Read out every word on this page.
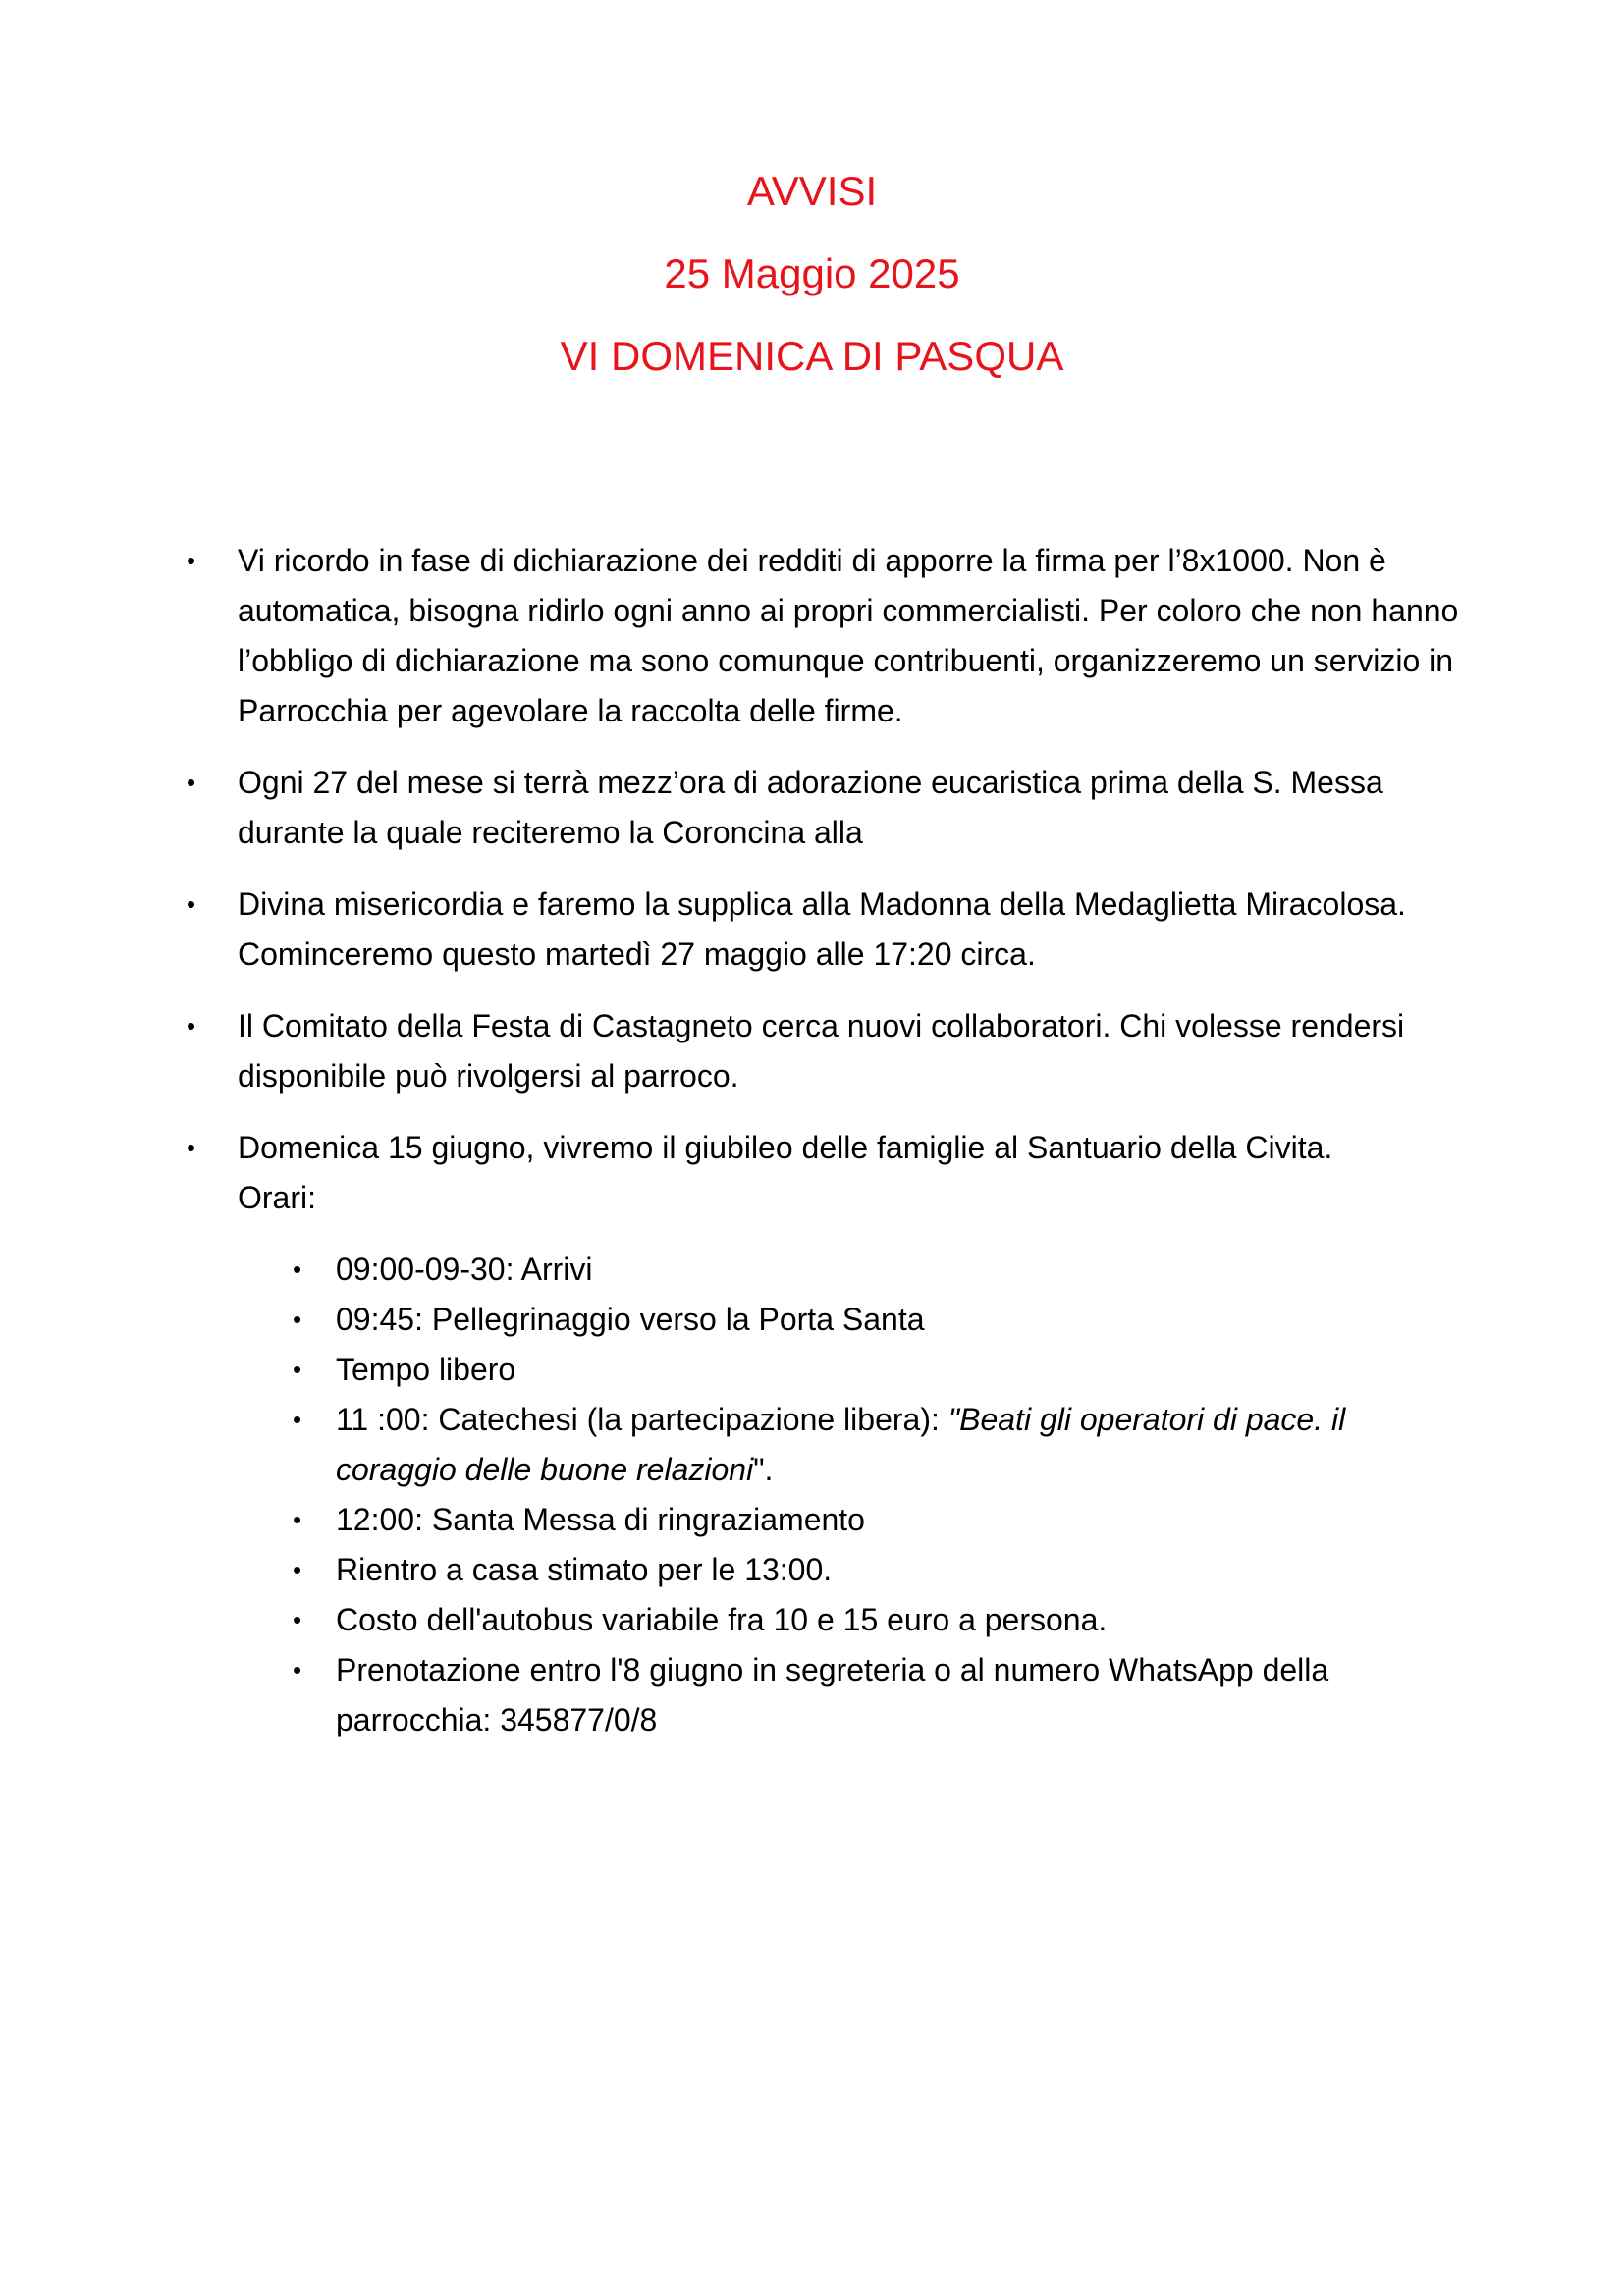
AVVISI
25 Maggio 2025
VI DOMENICA DI PASQUA
• Vi ricordo in fase di dichiarazione dei redditi di apporre la firma per l’8x1000. Non è automatica, bisogna ridirlo ogni anno ai propri commercialisti. Per coloro che non hanno l’obbligo di dichiarazione ma sono comunque contribuenti, organizzeremo un servizio in Parrocchia per agevolare la raccolta delle firme.
• Ogni 27 del mese si terrà mezz’ora di adorazione eucaristica prima della S. Messa durante la quale reciteremo la Coroncina alla
• Divina misericordia e faremo la supplica alla Madonna della Medaglietta Miracolosa. Cominceremo questo martedì 27 maggio alle 17:20 circa.
• Il Comitato della Festa di Castagneto cerca nuovi collaboratori. Chi volesse rendersi disponibile può rivolgersi al parroco.
• Domenica 15 giugno, vivremo il giubileo delle famiglie al Santuario della Civita.
Orari:
• 09:00-09-30: Arrivi
• 09:45: Pellegrinaggio verso la Porta Santa
• Tempo libero
• 11 :00: Catechesi (la partecipazione libera): "Beati gli operatori di pace. il coraggio delle buone relazioni".
• 12:00: Santa Messa di ringraziamento
• Rientro a casa stimato per le 13:00.
• Costo dell'autobus variabile fra 10 e 15 euro a persona.
• Prenotazione entro l'8 giugno in segreteria o al numero WhatsApp della parrocchia: 345877/0/8
